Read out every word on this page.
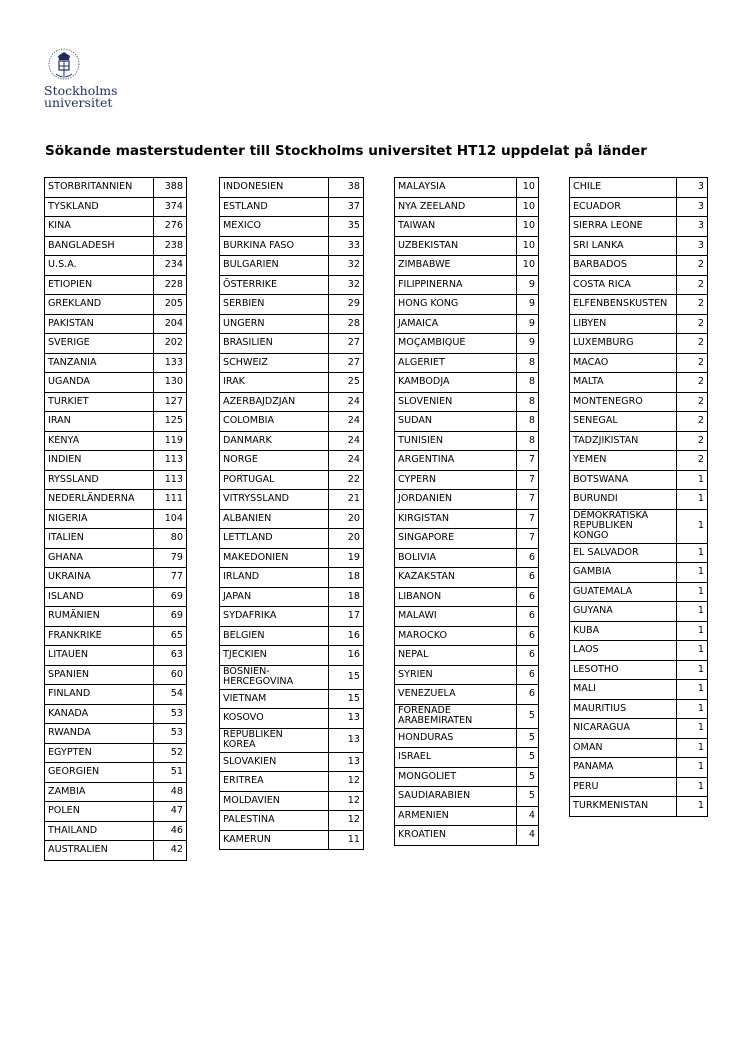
Stockholms
universitet
Sökande masterstudenter till Stockholms universitet HT12 uppdelat på länder
STORBRITANNIEN	388
TYSKLAND	374
KINA	276
BANGLADESH	238
U.S.A.	234
ETIOPIEN	228
GREKLAND	205
PAKISTAN	204
SVERIGE	202
TANZANIA	133
UGANDA	130
TURKIET	127
IRAN	125
KENYA	119
INDIEN	113
RYSSLAND	113
NEDERLÄNDERNA	111
NIGERIA	104
ITALIEN	80
GHANA	79
UKRAINA	77
ISLAND	69
RUMÄNIEN	69
FRANKRIKE	65
LITAUEN	63
SPANIEN	60
FINLAND	54
KANADA	53
RWANDA	53
EGYPTEN	52
GEORGIEN	51
ZAMBIA	48
POLEN	47
THAILAND	46
AUSTRALIEN	42
INDONESIEN	38
ESTLAND	37
MEXICO	35
BURKINA FASO	33
BULGARIEN	32
ÖSTERRIKE	32
SERBIEN	29
UNGERN	28
BRASILIEN	27
SCHWEIZ	27
IRAK	25
AZERBAJDZJAN	24
COLOMBIA	24
DANMARK	24
NORGE	24
PORTUGAL	22
VITRYSSLAND	21
ALBANIEN	20
LETTLAND	20
MAKEDONIEN	19
IRLAND	18
JAPAN	18
SYDAFRIKA	17
BELGIEN	16
TJECKIEN	16
BOSNIEN-
HERCEGOVINA	15
VIETNAM	15
KOSOVO	13
REPUBLIKEN
KOREA	13
SLOVAKIEN	13
ERITREA	12
MOLDAVIEN	12
PALESTINA	12
KAMERUN	11
MALAYSIA	10
NYA ZEELAND	10
TAIWAN	10
UZBEKISTAN	10
ZIMBABWE	10
FILIPPINERNA	9
HONG KONG	9
JAMAICA	9
MOÇAMBIQUE	9
ALGERIET	8
KAMBODJA	8
SLOVENIEN	8
SUDAN	8
TUNISIEN	8
ARGENTINA	7
CYPERN	7
JORDANIEN	7
KIRGISTAN	7
SINGAPORE	7
BOLIVIA	6
KAZAKSTAN	6
LIBANON	6
MALAWI	6
MAROCKO	6
NEPAL	6
SYRIEN	6
VENEZUELA	6
FÖRENADE
ARABEMIRATEN	5
HONDURAS	5
ISRAEL	5
MONGOLIET	5
SAUDIARABIEN	5
ARMENIEN	4
KROATIEN	4
CHILE	3
ECUADOR	3
SIERRA LEONE	3
SRI LANKA	3
BARBADOS	2
COSTA RICA	2
ELFENBENSKUSTEN	2
LIBYEN	2
LUXEMBURG	2
MACAO	2
MALTA	2
MONTENEGRO	2
SENEGAL	2
TADZJIKISTAN	2
YEMEN	2
BOTSWANA	1
BURUNDI	1
DEMOKRATISKA
REPUBLIKEN
KONGO	1
EL SALVADOR	1
GAMBIA	1
GUATEMALA	1
GUYANA	1
KUBA	1
LAOS	1
LESOTHO	1
MALI	1
MAURITIUS	1
NICARAGUA	1
OMAN	1
PANAMA	1
PERU	1
TURKMENISTAN	1
